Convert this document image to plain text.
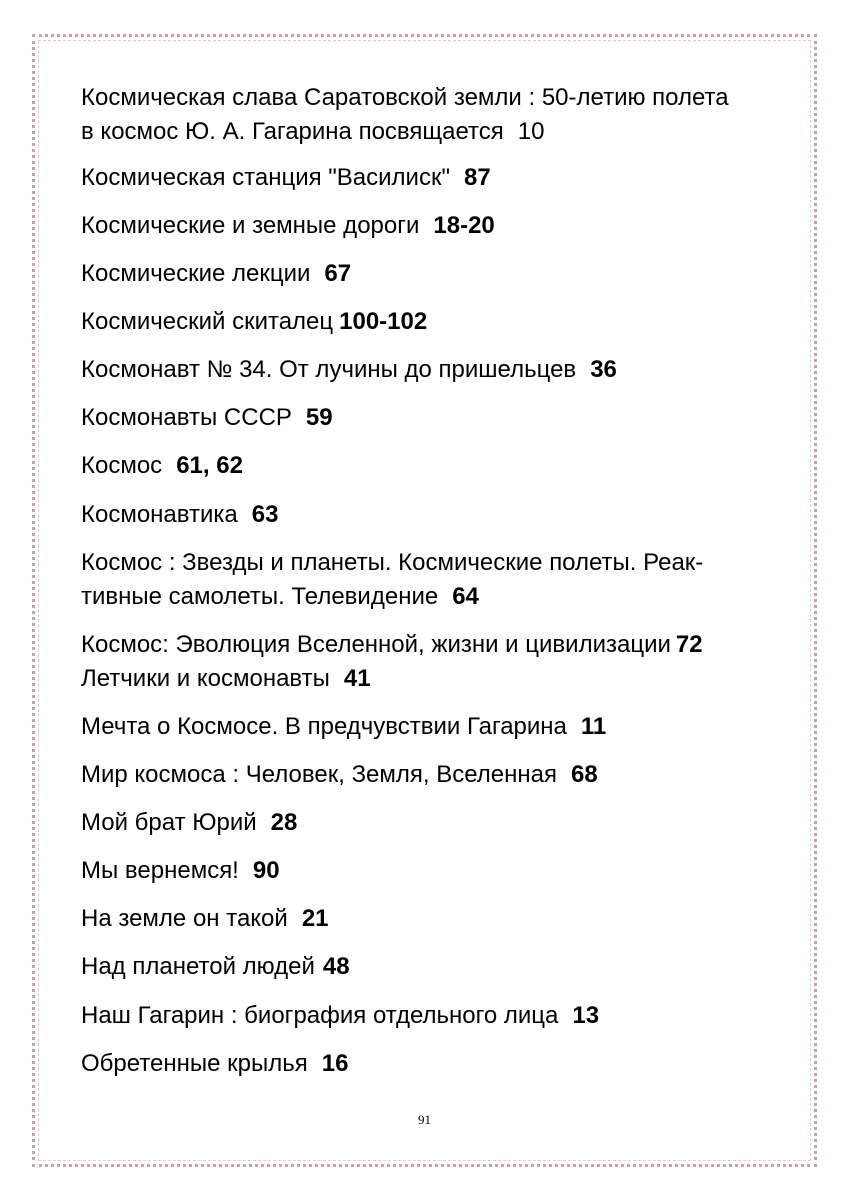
Космическая слава Саратовской земли : 50-летию полета
в космос Ю. А. Гагарина посвящается 10
Космическая станция "Василиск" 87
Космические и земные дороги 18-20
Космические лекции 67
Космический скиталец 100-102
Космонавт № 34. От лучины до пришельцев 36
Космонавты СССР 59
Космос 61, 62
Космонавтика 63
Космос : Звезды и планеты. Космические полеты. Реак-
тивные самолеты. Телевидение 64
Космос: Эволюция Вселенной, жизни и цивилизации 72
Летчики и космонавты 41
Мечта о Космосе. В предчувствии Гагарина 11
Мир космоса : Человек, Земля, Вселенная 68
Мой брат Юрий 28
Мы вернемся! 90
На земле он такой 21
Над планетой людей 48
Наш Гагарин : биография отдельного лица 13
Обретенные крылья 16
91
